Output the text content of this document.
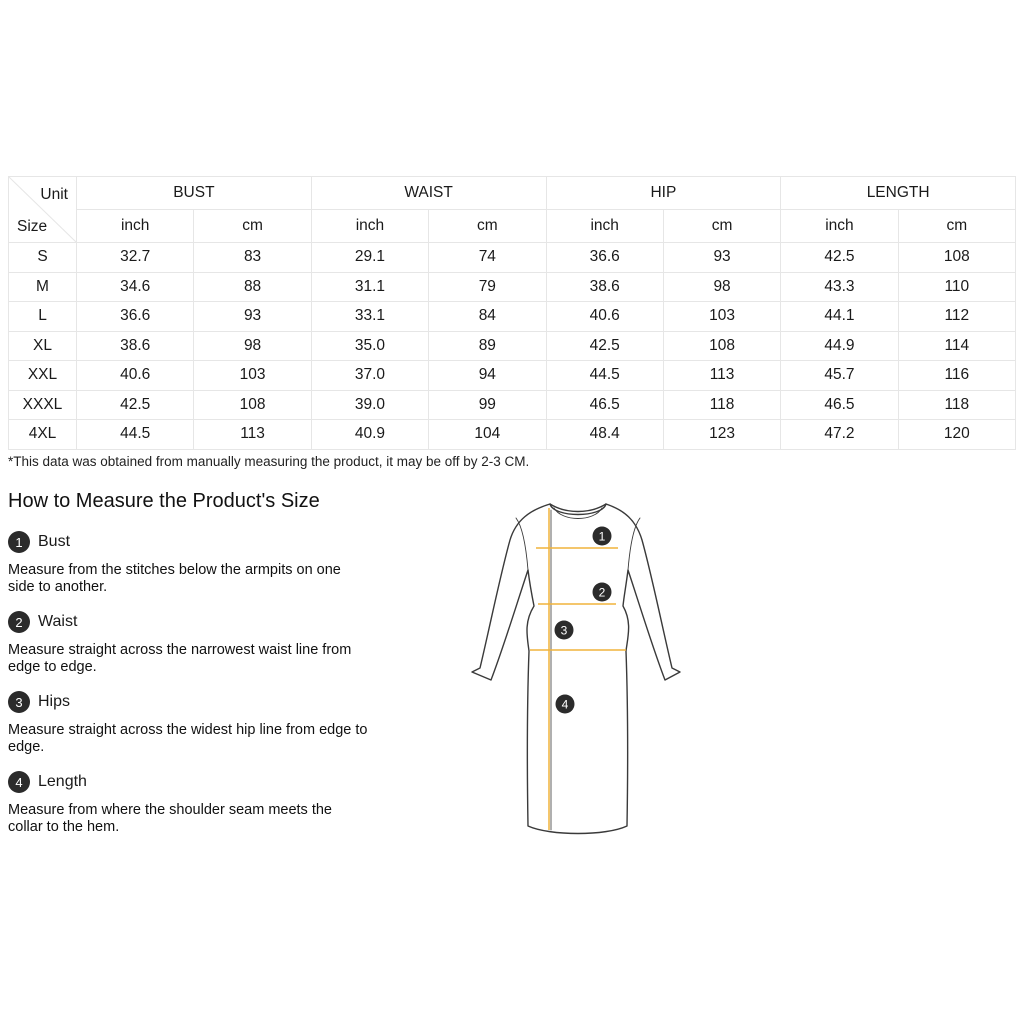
Unit
Size	BUST		WAIST		HIP		LENGTH	
	inch	cm	inch	cm	inch	cm	inch	cm
S	32.7	83	29.1	74	36.6	93	42.5	108
M	34.6	88	31.1	79	38.6	98	43.3	110
L	36.6	93	33.1	84	40.6	103	44.1	112
XL	38.6	98	35.0	89	42.5	108	44.9	114
XXL	40.6	103	37.0	94	44.5	113	45.7	116
XXXL	42.5	108	39.0	99	46.5	118	46.5	118
4XL	44.5	113	40.9	104	48.4	123	47.2	120
*This data was obtained from manually measuring the product, it may be off by 2-3 CM.
How to Measure the Product's Size
1 Bust
Measure from the stitches below the armpits on one side to another.
2 Waist
Measure straight across the narrowest waist line from edge to edge.
3 Hips
Measure straight across the widest hip line from edge to edge.
4 Length
Measure from where the shoulder seam meets the collar to the hem.
1
2
3
4
